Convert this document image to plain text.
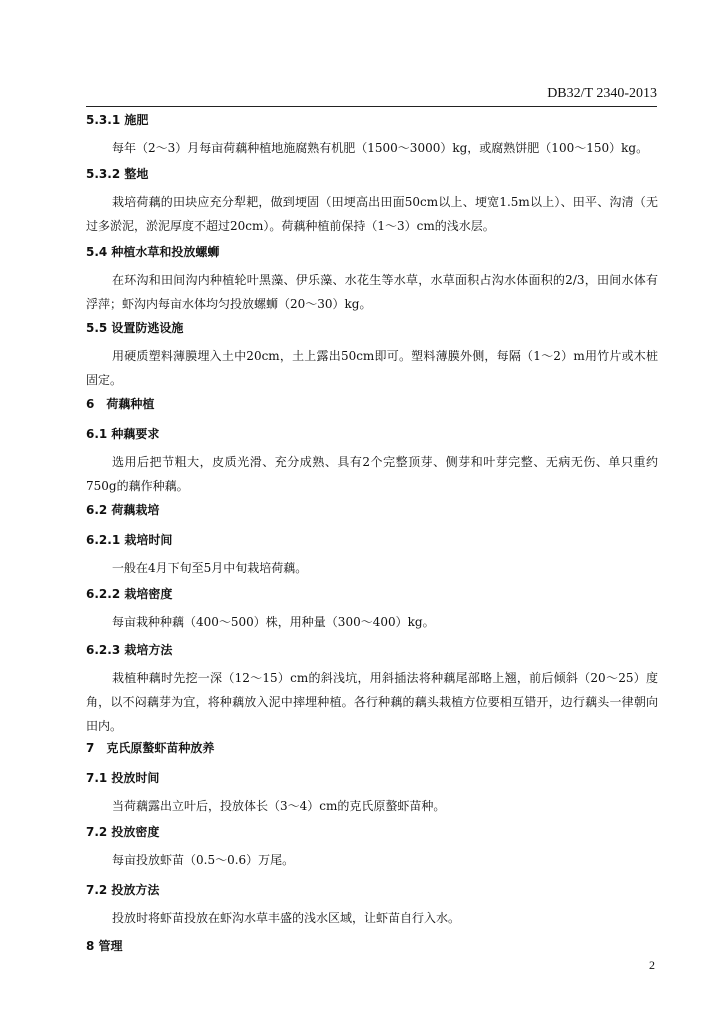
DB32/T 2340-2013
5.3.1 施肥
每年（2～3）月每亩荷藕种植地施腐熟有机肥（1500～3000）kg，或腐熟饼肥（100～150）kg。
5.3.2 整地
栽培荷藕的田块应充分犁耙，做到埂固（田埂高出田面50cm以上、埂宽1.5m以上）、田平、沟清（无过多淤泥，淤泥厚度不超过20cm）。荷藕种植前保持（1～3）cm的浅水层。
5.4 种植水草和投放螺蛳
在环沟和田间沟内种植轮叶黑藻、伊乐藻、水花生等水草，水草面积占沟水体面积的2/3，田间水体有浮萍；虾沟内每亩水体均匀投放螺蛳（20～30）kg。
5.5 设置防逃设施
用硬质塑料薄膜埋入土中20cm，土上露出50cm即可。塑料薄膜外侧，每隔（1～2）m用竹片或木桩固定。
6　荷藕种植
6.1 种藕要求
选用后把节粗大，皮质光滑、充分成熟、具有2个完整顶芽、侧芽和叶芽完整、无病无伤、单只重约750g的藕作种藕。
6.2 荷藕栽培
6.2.1 栽培时间
一般在4月下旬至5月中旬栽培荷藕。
6.2.2 栽培密度
每亩栽种种藕（400～500）株，用种量（300～400）kg。
6.2.3 栽培方法
栽植种藕时先挖一深（12～15）cm的斜浅坑，用斜插法将种藕尾部略上翘，前后倾斜（20～25）度角，以不闷藕芽为宜，将种藕放入泥中摔埋种植。各行种藕的藕头栽植方位要相互错开，边行藕头一律朝向田内。
7　克氏原螯虾苗种放养
7.1 投放时间
当荷藕露出立叶后，投放体长（3～4）cm的克氏原螯虾苗种。
7.2 投放密度
每亩投放虾苗（0.5～0.6）万尾。
7.2 投放方法
投放时将虾苗投放在虾沟水草丰盛的浅水区域，让虾苗自行入水。
8 管理
2
